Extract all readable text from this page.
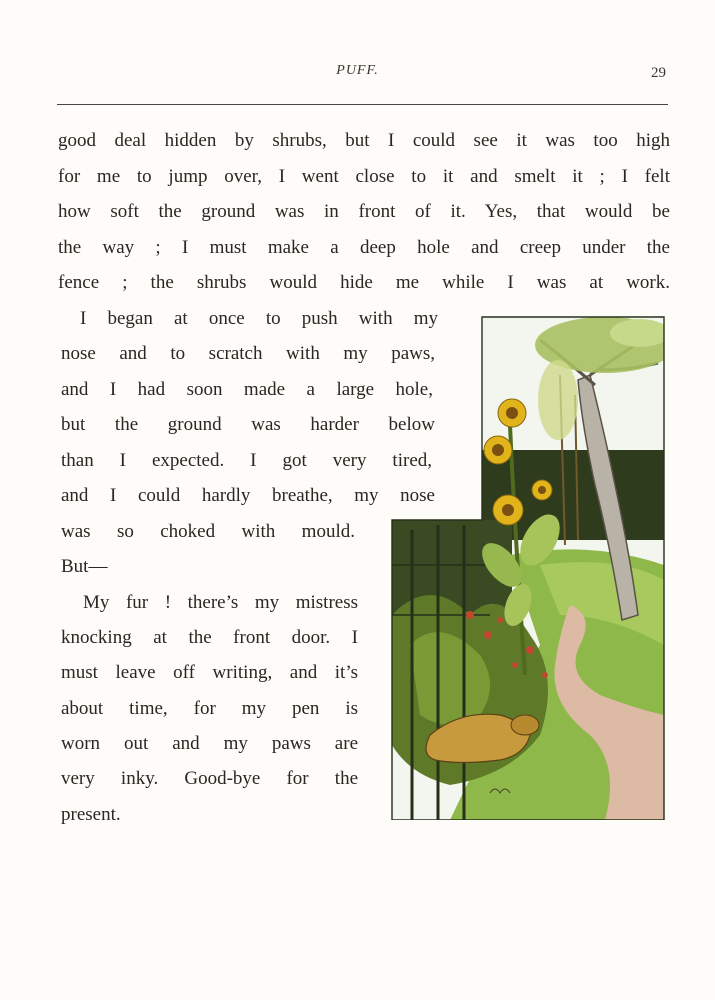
PUFF.	29
good deal hidden by shrubs, but I could see it was too high
for me to jump over, I went close to it and smelt it ; I felt
how soft the ground was in front of it. Yes, that would be
the way ; I must make a deep hole and creep under the
fence ; the shrubs would hide me while I was at work.
I began at once to push with my
nose and to scratch with my paws,
and I had soon made a large hole,
but the ground was harder below
than I expected. I got very tired,
and I could hardly breathe, my nose
was so choked with mould.
But—
My fur ! there’s my mistress
knocking at the front door. I
must leave off writing, and it’s
about time, for my pen is
worn out and my paws are
very inky. Good-bye for the
present.
